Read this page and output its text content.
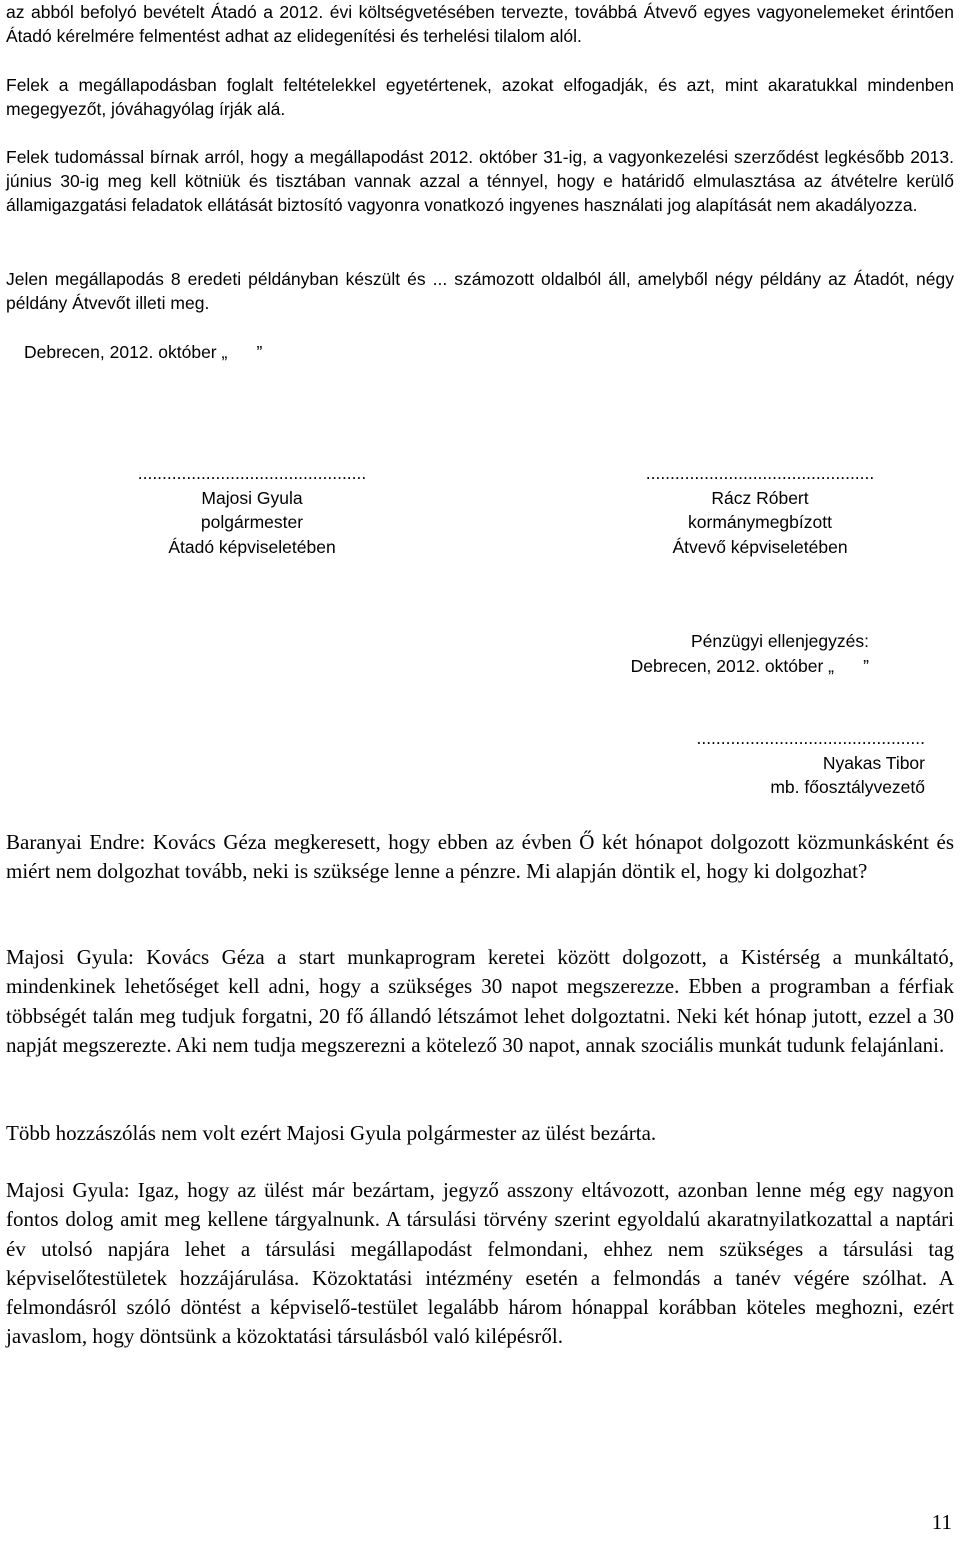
az abból befolyó bevételt Átadó a 2012. évi költségvetésében tervezte, továbbá Átvevő egyes vagyonelemeket érintően Átadó kérelmére felmentést adhat az elidegenítési és terhelési tilalom alól.

Felek a megállapodásban foglalt feltételekkel egyetértenek, azokat elfogadják, és azt, mint akaratukkal mindenben megegyezőt, jóváhagyólag írják alá.

Felek tudomással bírnak arról, hogy a megállapodást 2012. október 31-ig, a vagyonkezelési szerződést legkésőbb 2013. június 30-ig meg kell kötniük és tisztában vannak azzal a ténnyel, hogy e határidő elmulasztása az átvételre kerülő államigazgatási feladatok ellátását biztosító vagyonra vonatkozó ingyenes használati jog alapítását nem akadályozza.

Jelen megállapodás 8 eredeti példányban készült és ... számozott oldalból áll, amelyből négy példány az Átadót, négy példány Átvevőt illeti meg.

Debrecen, 2012. október „      ”
...............................................
Majosi Gyula
polgármester
Átadó képviseletében
...............................................
Rácz Róbert
kormánymegbízott
Átvevő képviseletében
Pénzügyi ellenjegyzés:
Debrecen, 2012. október „      ”
...............................................
Nyakas Tibor
mb. főosztályvezető

Baranyai Endre: Kovács Géza megkeresett, hogy ebben az évben Ő két hónapot dolgozott közmunkásként és miért nem dolgozhat tovább, neki is szüksége lenne a pénzre. Mi alapján döntik el, hogy ki dolgozhat?

Majosi Gyula: Kovács Géza a start munkaprogram keretei között dolgozott, a Kistérség a munkáltató, mindenkinek lehetőséget kell adni, hogy a szükséges 30 napot megszerezze. Ebben a programban a férfiak többségét talán meg tudjuk forgatni, 20 fő állandó létszámot lehet dolgoztatni. Neki két hónap jutott, ezzel a 30 napját megszerezte. Aki nem tudja megszerezni a kötelező 30 napot, annak szociális munkát tudunk felajánlani.

Több hozzászólás nem volt ezért Majosi Gyula polgármester az ülést bezárta.

Majosi Gyula: Igaz, hogy az ülést már bezártam, jegyző asszony eltávozott, azonban lenne még egy nagyon fontos dolog amit meg kellene tárgyalnunk. A társulási törvény szerint egyoldalú akaratnyilatkozattal a naptári év utolsó napjára lehet a társulási megállapodást felmondani, ehhez nem szükséges a társulási tag képviselőtestületek hozzájárulása. Közoktatási intézmény esetén a felmondás a tanév végére szólhat. A felmondásról szóló döntést a képviselő-testület legalább három hónappal korábban köteles meghozni, ezért javaslom, hogy döntsünk a közoktatási társulásból való kilépésről.

11
